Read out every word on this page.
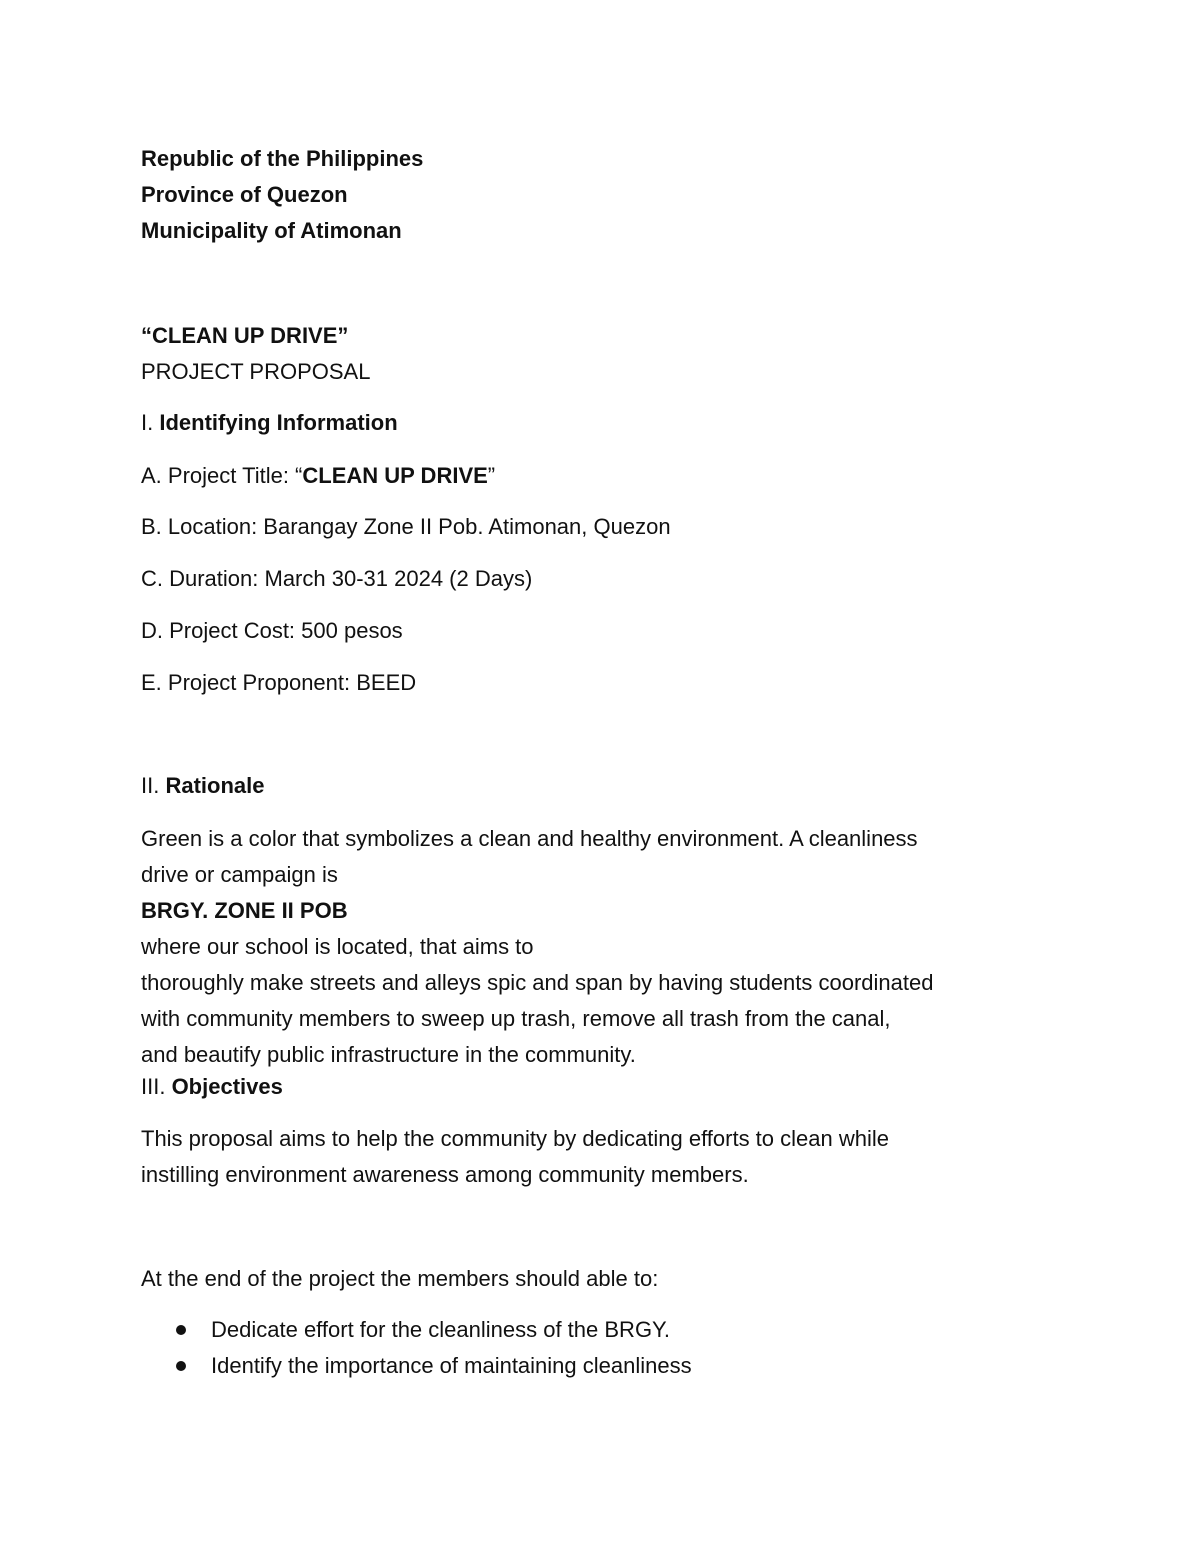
Republic of the Philippines

Province of Quezon

Municipality of Atimonan

“CLEAN UP DRIVE”

PROJECT PROPOSAL

I. Identifying Information

A. Project Title: “CLEAN UP DRIVE”

B. Location: Barangay Zone II Pob. Atimonan, Quezon

C. Duration: March 30-31 2024 (2 Days)

D. Project Cost: 500 pesos

E. Project Proponent: BEED

II. Rationale

Green is a color that symbolizes a clean and healthy environment. A cleanliness
drive or campaign is
BRGY. ZONE II POB
where our school is located, that aims to
thoroughly make streets and alleys spic and span by having students coordinated
with community members to sweep up trash, remove all trash from the canal,
and beautify public infrastructure in the community.

III. Objectives

This proposal aims to help the community by dedicating efforts to clean while
instilling environment awareness among community members.

At the end of the project the members should able to:

Dedicate effort for the cleanliness of the BRGY.
Identify the importance of maintaining cleanliness
